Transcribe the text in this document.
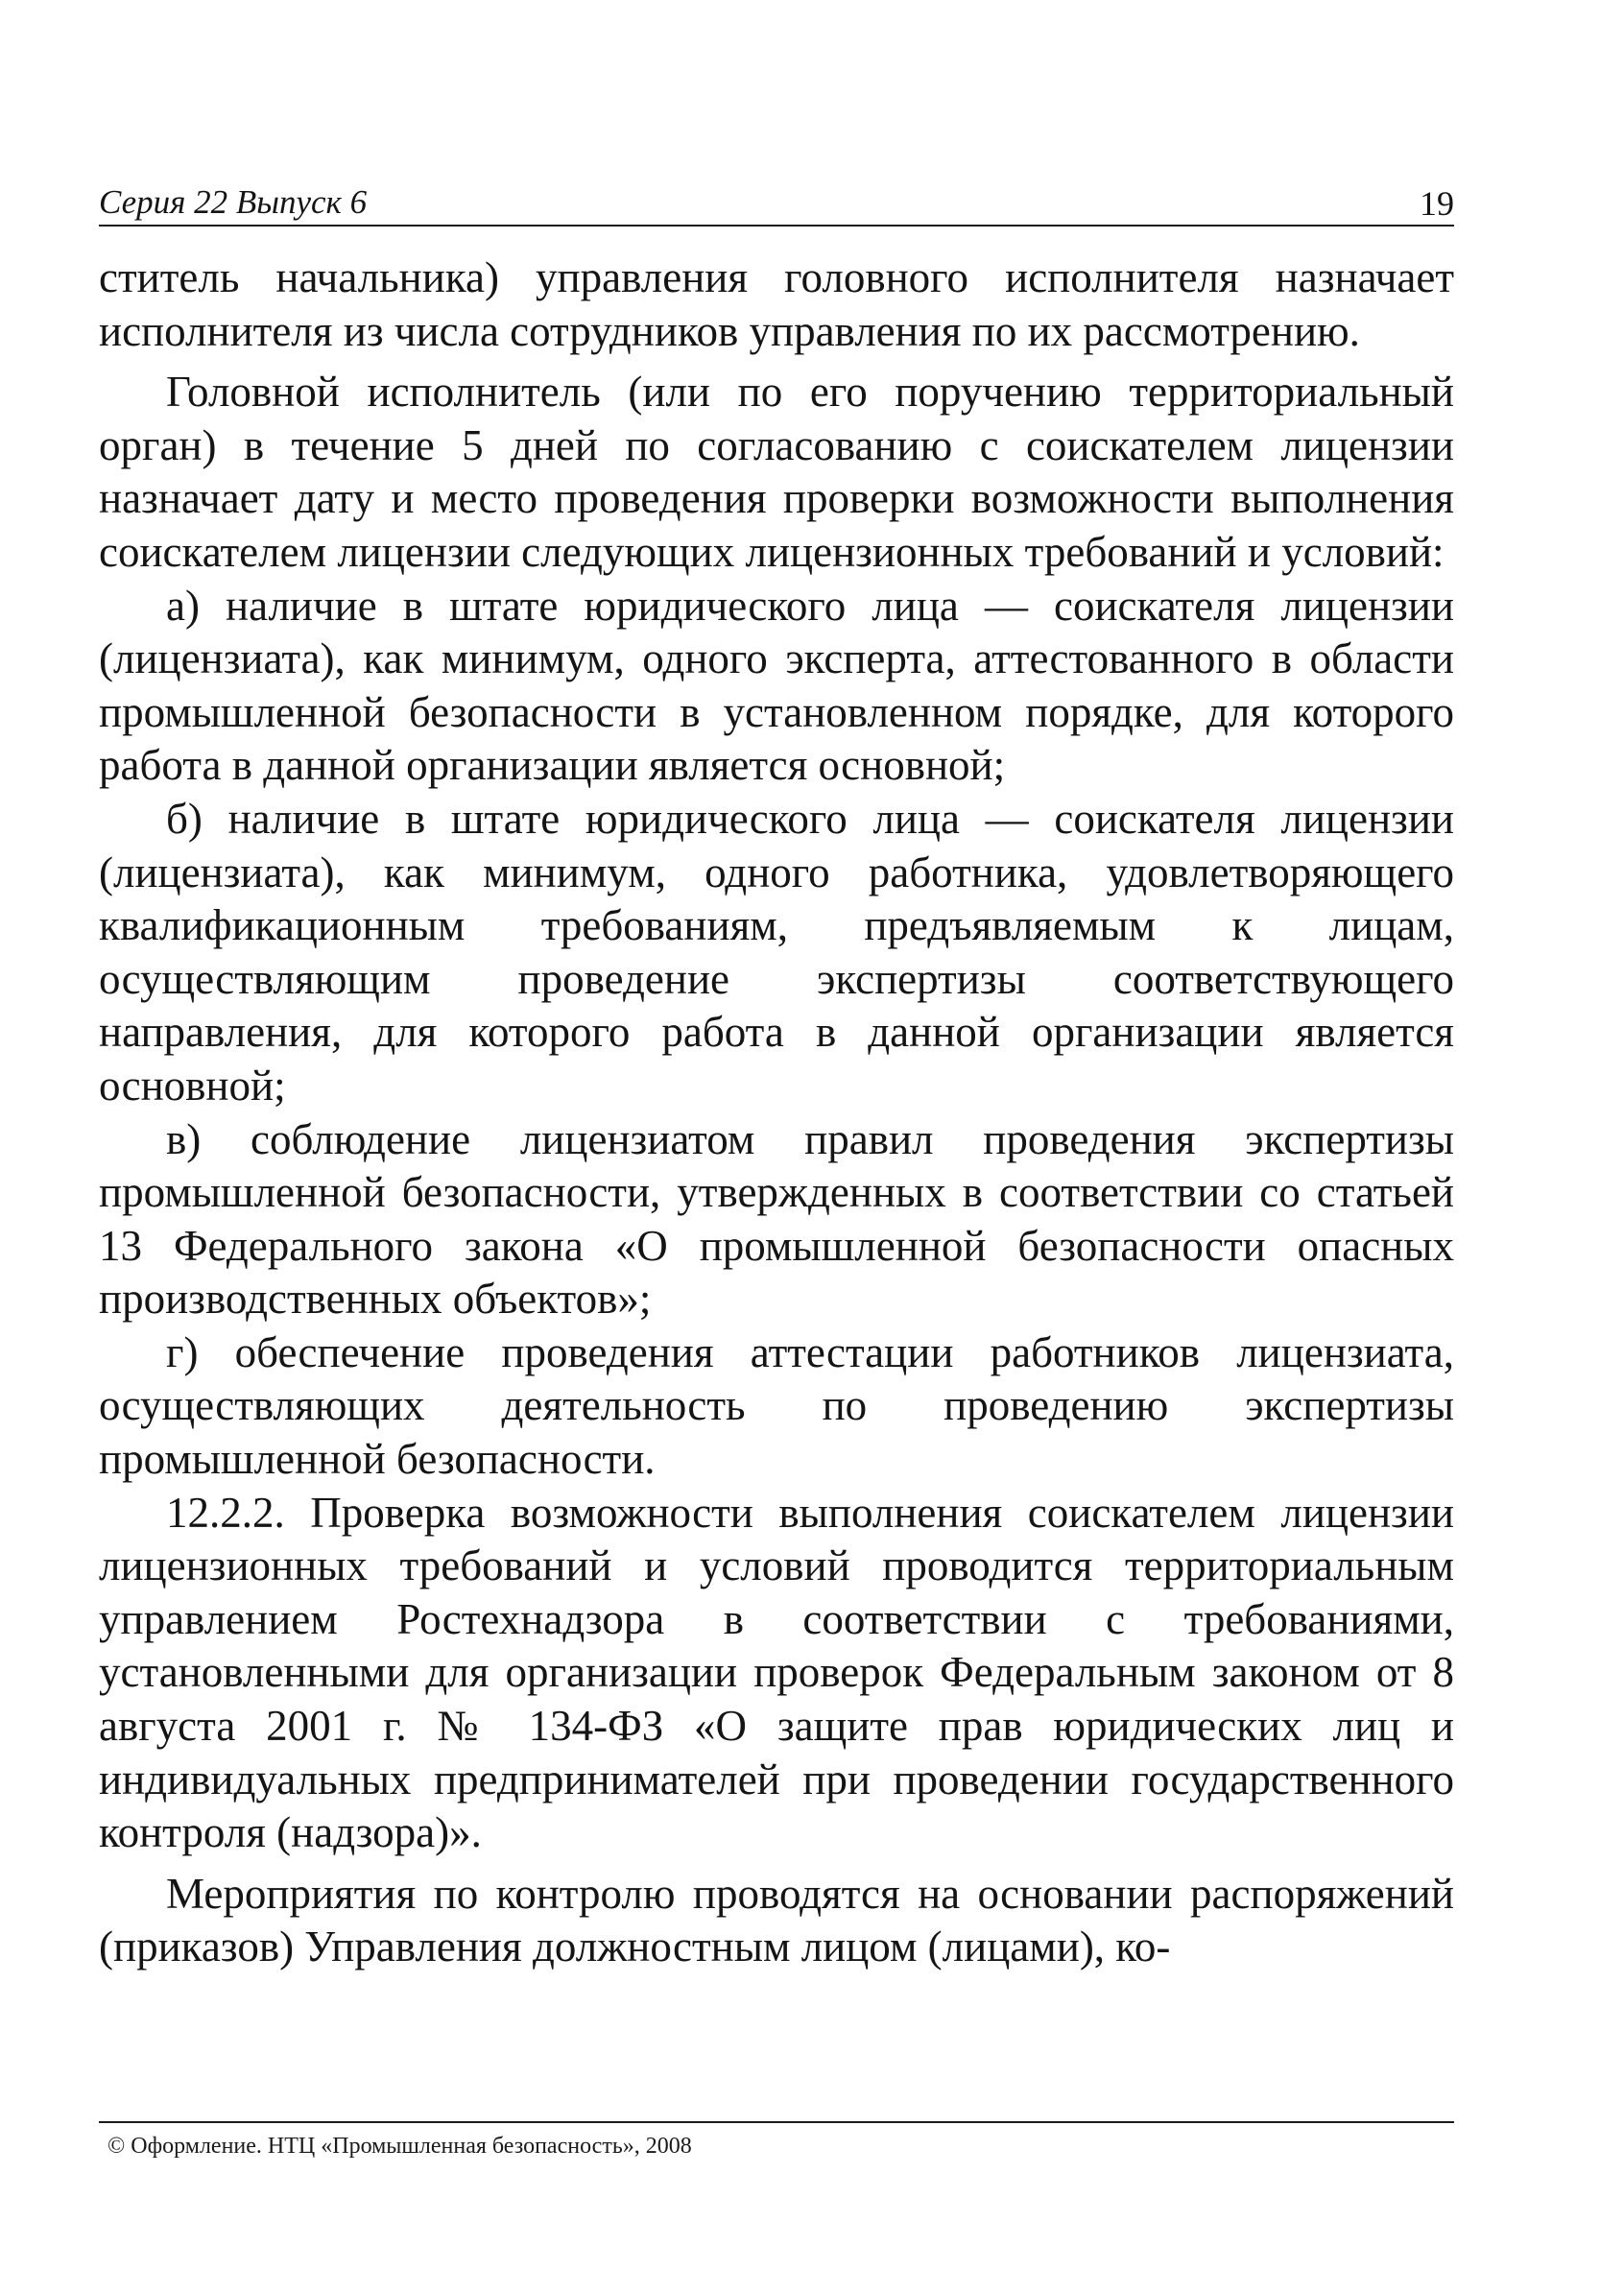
Серия 22 Выпуск 6	19

ститель начальника) управления головного исполнителя назначает исполнителя из числа сотрудников управления по их рассмотрению.

Головной исполнитель (или по его поручению территориальный орган) в течение 5 дней по согласованию с соискателем лицензии назначает дату и место проведения проверки возможности выполнения соискателем лицензии следующих лицензионных требований и условий:

а) наличие в штате юридического лица — соискателя лицензии (лицензиата), как минимум, одного эксперта, аттестованного в области промышленной безопасности в установленном порядке, для которого работа в данной организации является основной;

б) наличие в штате юридического лица — соискателя лицензии (лицензиата), как минимум, одного работника, удовлетворяющего квалификационным требованиям, предъявляемым к лицам, осуществляющим проведение экспертизы соответствующего направления, для которого работа в данной организации является основной;

в) соблюдение лицензиатом правил проведения экспертизы промышленной безопасности, утвержденных в соответствии со статьей 13 Федерального закона «О промышленной безопасности опасных производственных объектов»;

г) обеспечение проведения аттестации работников лицензиата, осуществляющих деятельность по проведению экспертизы промышленной безопасности.

12.2.2. Проверка возможности выполнения соискателем лицензии лицензионных требований и условий проводится территориальным управлением Ростехнадзора в соответствии с требованиями, установленными для организации проверок Федеральным законом от 8 августа 2001 г. № 134-ФЗ «О защите прав юридических лиц и индивидуальных предпринимателей при проведении государственного контроля (надзора)».

Мероприятия по контролю проводятся на основании распоряжений (приказов) Управления должностным лицом (лицами), ко-

© Оформление. НТЦ «Промышленная безопасность», 2008
